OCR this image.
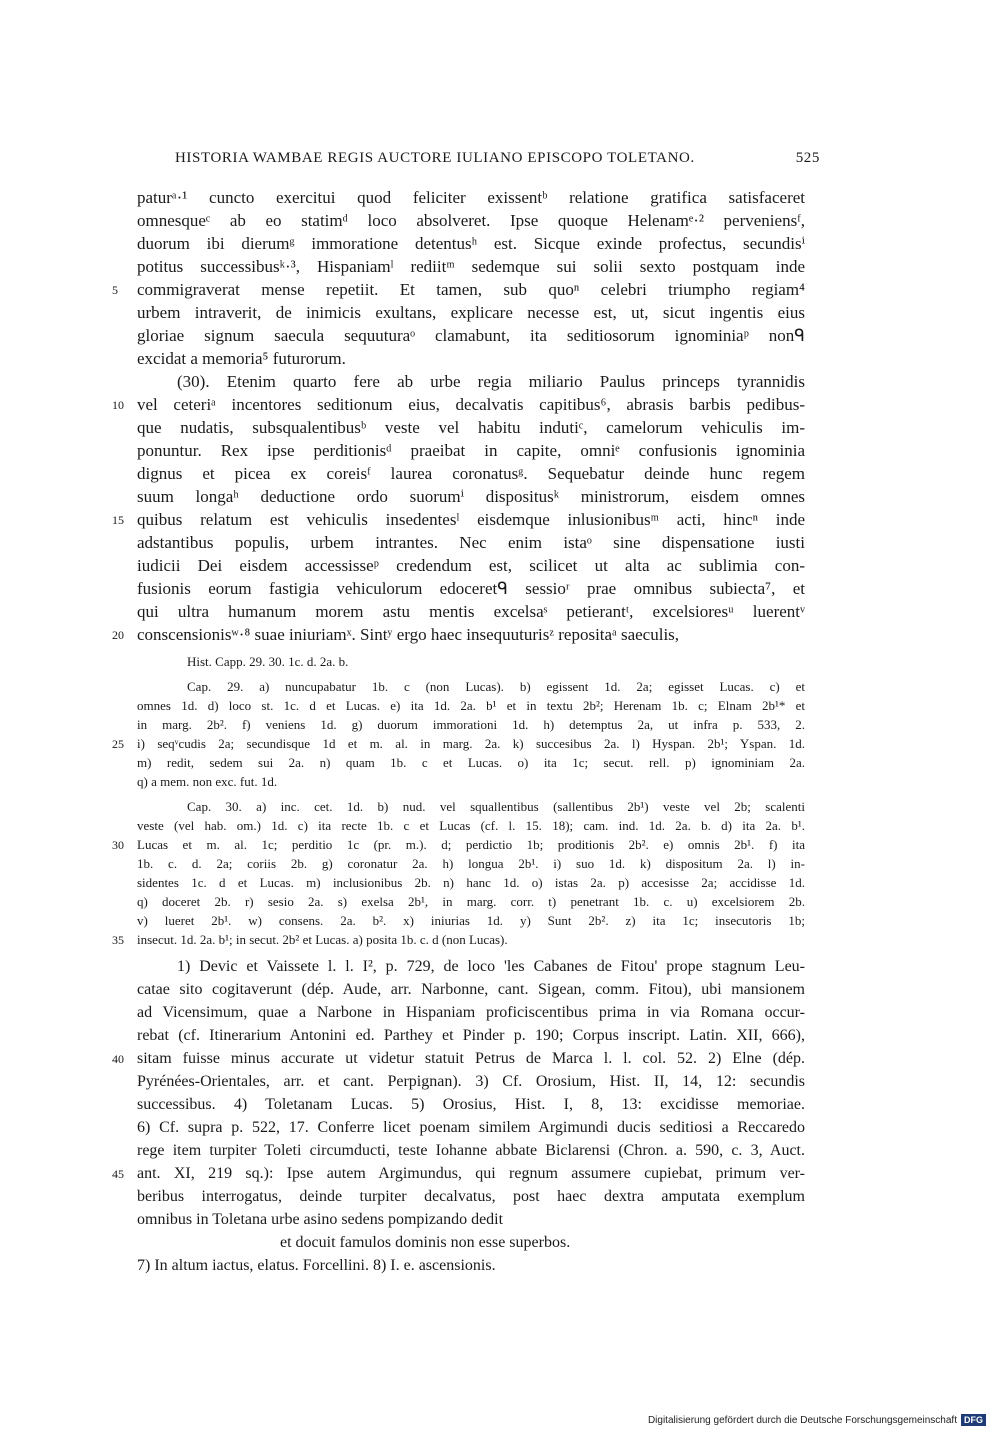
HISTORIA WAMBAE REGIS AUCTORE IULIANO EPISCOPO TOLETANO.	525
paturᵃ·¹ cuncto exercitui quod feliciter exissentᵇ relatione gratifica satisfaceret
omnesqueᶜ ab eo statimᵈ loco absolveret. Ipse quoque Helenamᵉ·² perveniensᶠ,
duorum ibi dierumᵍ immoratione detentusʰ est. Sicque exinde profectus, secundisⁱ
potitus successibusᵏ·³, Hispaniamˡ rediitᵐ sedemque sui solii sexto postquam inde
commigraverat mense repetiit. Et tamen, sub quoⁿ celebri triumpho regiam⁴
urbem intraverit, de inimicis exultans, explicare necesse est, ut, sicut ingentis eius
gloriae signum saecula sequuturaᵒ clamabunt, ita seditiosorum ignominiaᵖ nonᑫ
excidat a memoria⁵ futurorum.
(30). Etenim quarto fere ab urbe regia miliario Paulus princeps tyrannidis
vel ceteriᵃ incentores seditionum eius, decalvatis capitibus⁶, abrasis barbis pedibus-
que nudatis, subsqualentibusᵇ veste vel habitu indutiᶜ, camelorum vehiculis im-
ponuntur. Rex ipse perditionisᵈ praeibat in capite, omniᵉ confusionis ignominia
dignus et picea ex coreisᶠ laurea coronatusᵍ. Sequebatur deinde hunc regem
suum longaʰ deductione ordo suorumⁱ dispositusᵏ ministrorum, eisdem omnes
quibus relatum est vehiculis insedentesˡ eisdemque inlusionibusᵐ acti, hincⁿ inde
adstantibus populis, urbem intrantes. Nec enim istaᵒ sine dispensatione iusti
iudicii Dei eisdem accessisseᵖ credendum est, scilicet ut alta ac sublimia con-
fusionis eorum fastigia vehiculorum edoceretᑫ sessioʳ prae omnibus subiecta⁷, et
qui ultra humanum morem astu mentis excelsaˢ petierantᵗ, excelsioresᵘ luerentᵛ
conscensionisʷ·⁸ suae iniuriamˣ. Sintʸ ergo haec insequuturisᶻ repositaᵃ saeculis,
5
10
15
20
Hist. Capp. 29. 30. 1c. d. 2a. b.
Cap. 29. a) nuncupabatur 1b. c (non Lucas). b) egissent 1d. 2a; egisset Lucas. c) et
omnes 1d. d) loco st. 1c. d et Lucas. e) ita 1d. 2a. b¹ et in textu 2b²; Herenam 1b. c; Elnam 2b¹* et
in marg. 2b². f) veniens 1d. g) duorum immorationi 1d. h) detemptus 2a, ut infra p. 533, 2.
i) seqᵛcudis 2a; secundisque 1d et m. al. in marg. 2a. k) succesibus 2a. l) Hyspan. 2b¹; Yspan. 1d.
m) redit, sedem sui 2a. n) quam 1b. c et Lucas. o) ita 1c; secut. rell. p) ignominiam 2a.
q) a mem. non exc. fut. 1d.
Cap. 30. a) inc. cet. 1d. b) nud. vel squallentibus (sallentibus 2b¹) veste vel 2b; scalenti
veste (vel hab. om.) 1d. c) ita recte 1b. c et Lucas (cf. l. 15. 18); cam. ind. 1d. 2a. b. d) ita 2a. b¹.
Lucas et m. al. 1c; perditio 1c (pr. m.). d; perdictio 1b; proditionis 2b². e) omnis 2b¹. f) ita
1b. c. d. 2a; coriis 2b. g) coronatur 2a. h) longua 2b¹. i) suo 1d. k) dispositum 2a. l) in-
sidentes 1c. d et Lucas. m) inclusionibus 2b. n) hanc 1d. o) istas 2a. p) accesisse 2a; accidisse 1d.
q) doceret 2b. r) sesio 2a. s) exelsa 2b¹, in marg. corr. t) penetrant 1b. c. u) excelsiorem 2b.
v) lueret 2b¹. w) consens. 2a. b². x) iniurias 1d. y) Sunt 2b². z) ita 1c; insecutoris 1b;
insecut. 1d. 2a. b¹; in secut. 2b² et Lucas. a) posita 1b. c. d (non Lucas).
25
30
35
1) Devic et Vaissete l. l. I², p. 729, de loco 'les Cabanes de Fitou' prope stagnum Leu-
catae sito cogitaverunt (dép. Aude, arr. Narbonne, cant. Sigean, comm. Fitou), ubi mansionem
ad Vicensimum, quae a Narbone in Hispaniam proficiscentibus prima in via Romana occur-
rebat (cf. Itinerarium Antonini ed. Parthey et Pinder p. 190; Corpus inscript. Latin. XII, 666),
sitam fuisse minus accurate ut videtur statuit Petrus de Marca l. l. col. 52. 2) Elne (dép.
Pyrénées-Orientales, arr. et cant. Perpignan). 3) Cf. Orosium, Hist. II, 14, 12: secundis
successibus. 4) Toletanam Lucas. 5) Orosius, Hist. I, 8, 13: excidisse memoriae.
6) Cf. supra p. 522, 17. Conferre licet poenam similem Argimundi ducis seditiosi a Reccaredo
rege item turpiter Toleti circumducti, teste Iohanne abbate Biclarensi (Chron. a. 590, c. 3, Auct.
ant. XI, 219 sq.): Ipse autem Argimundus, qui regnum assumere cupiebat, primum ver-
beribus interrogatus, deinde turpiter decalvatus, post haec dextra amputata exemplum
omnibus in Toletana urbe asino sedens pompizando dedit
et docuit famulos dominis non esse superbos.
7) In altum iactus, elatus. Forcellini. 8) I. e. ascensionis.
40
45
Digitalisierung gefördert durch die Deutsche Forschungsgemeinschaft DFG
